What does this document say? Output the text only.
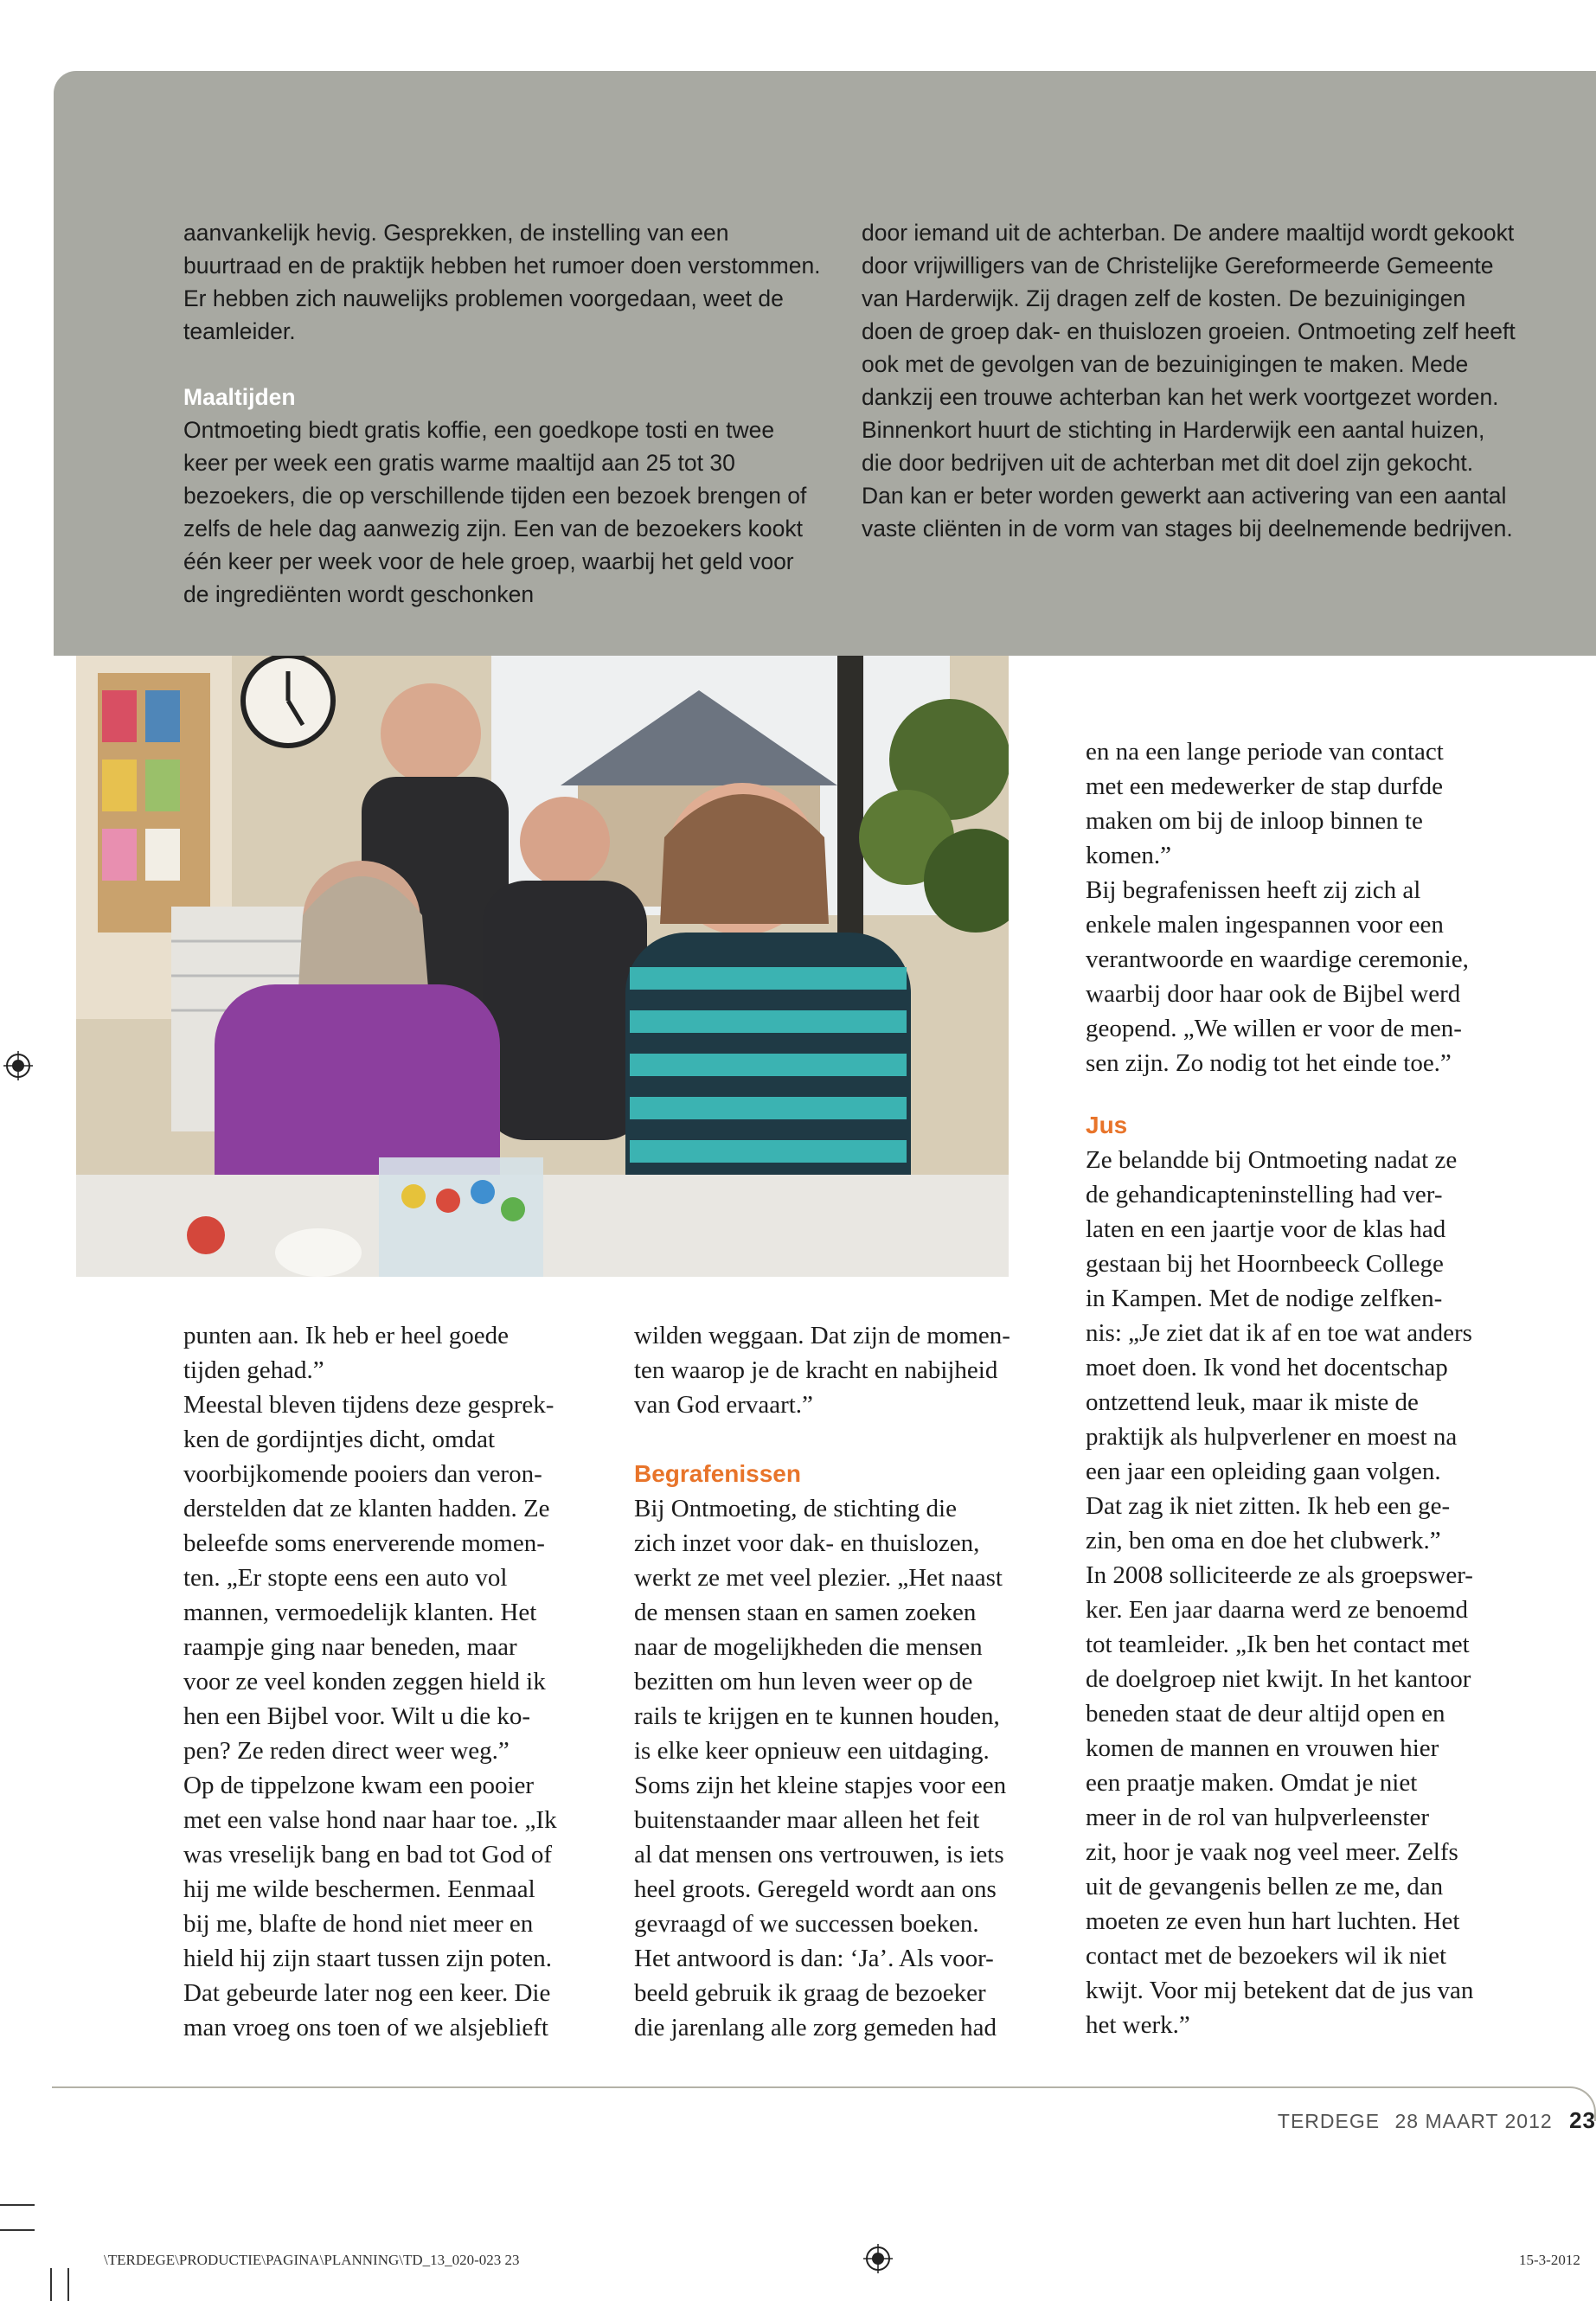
aanvankelijk hevig. Gesprekken, de instelling van een buurtraad en de praktijk hebben het rumoer doen verstommen. Er hebben zich nauwelijks problemen voorgedaan, weet de teamleider.

Maaltijden

Ontmoeting biedt gratis koffie, een goedkope tosti en twee keer per week een gratis warme maaltijd aan 25 tot 30 bezoekers, die op verschillende tijden een bezoek brengen of zelfs de hele dag aanwezig zijn. Een van de bezoekers kookt één keer per week voor de hele groep, waarbij het geld voor de ingrediënten wordt geschonken

door iemand uit de achterban. De andere maaltijd wordt gekookt door vrijwilligers van de Christelijke Gereformeerde Gemeente van Harderwijk. Zij dragen zelf de kosten. De bezuinigingen doen de groep dak- en thuislozen groeien. Ontmoeting zelf heeft ook met de gevolgen van de bezuinigingen te maken. Mede dankzij een trouwe achterban kan het werk voortgezet worden. Binnenkort huurt de stichting in Harderwijk een aantal huizen, die door bedrijven uit de achterban met dit doel zijn gekocht. Dan kan er beter worden gewerkt aan activering van een aantal vaste cliënten in de vorm van stages bij deelnemende bedrijven.

punten aan. Ik heb er heel goede

tijden gehad.”

Meestal bleven tijdens deze gesprek-

ken de gordijntjes dicht, omdat

voorbijkomende pooiers dan veron-

derstelden dat ze klanten hadden. Ze

beleefde soms enerverende momen-

ten. „Er stopte eens een auto vol

mannen, vermoedelijk klanten. Het

raampje ging naar beneden, maar

voor ze veel konden zeggen hield ik

hen een Bijbel voor. Wilt u die ko-

pen? Ze reden direct weer weg.”

Op de tippelzone kwam een pooier

met een valse hond naar haar toe. „Ik

was vreselijk bang en bad tot God of

hij me wilde beschermen. Eenmaal

bij me, blafte de hond niet meer en

hield hij zijn staart tussen zijn poten.

Dat gebeurde later nog een keer. Die

man vroeg ons toen of we alsjeblieft

wilden weggaan. Dat zijn de momen-

ten waarop je de kracht en nabijheid

van God ervaart.”

Begrafenissen

Bij Ontmoeting, de stichting die

zich inzet voor dak- en thuislozen,

werkt ze met veel plezier. „Het naast

de mensen staan en samen zoeken

naar de mogelijkheden die mensen

bezitten om hun leven weer op de

rails te krijgen en te kunnen houden,

is elke keer opnieuw een uitdaging.

Soms zijn het kleine stapjes voor een

buitenstaander maar alleen het feit

al dat mensen ons vertrouwen, is iets

heel groots. Geregeld wordt aan ons

gevraagd of we successen boeken.

Het antwoord is dan: ‘Ja’. Als voor-

beeld gebruik ik graag de bezoeker

die jarenlang alle zorg gemeden had

en na een lange periode van contact

met een medewerker de stap durfde

maken om bij de inloop binnen te

komen.”

Bij begrafenissen heeft zij zich al

enkele malen ingespannen voor een

verantwoorde en waardige ceremonie,

waarbij door haar ook de Bijbel werd

geopend. „We willen er voor de men-

sen zijn. Zo nodig tot het einde toe.”

Jus

Ze belandde bij Ontmoeting nadat ze

de gehandicapteninstelling had ver-

laten en een jaartje voor de klas had

gestaan bij het Hoornbeeck College

in Kampen. Met de nodige zelfken-

nis: „Je ziet dat ik af en toe wat anders

moet doen. Ik vond het docentschap

ontzettend leuk, maar ik miste de

praktijk als hulpverlener en moest na

een jaar een opleiding gaan volgen.

Dat zag ik niet zitten. Ik heb een ge-

zin, ben oma en doe het clubwerk.”

In 2008 solliciteerde ze als groepswer-

ker. Een jaar daarna werd ze benoemd

tot teamleider. „Ik ben het contact met

de doelgroep niet kwijt. In het kantoor

beneden staat de deur altijd open en

komen de mannen en vrouwen hier

een praatje maken. Omdat je niet

meer in de rol van hulpverleenster

zit, hoor je vaak nog veel meer. Zelfs

uit de gevangenis bellen ze me, dan

moeten ze even hun hart luchten. Het

contact met de bezoekers wil ik niet

kwijt. Voor mij betekent dat de jus van

het werk.”

TERDEGE 28 MAART 2012 23
\TERDEGE\PRODUCTIE\PAGINA\PLANNING\TD_13_020-023 23	15-3-2012
